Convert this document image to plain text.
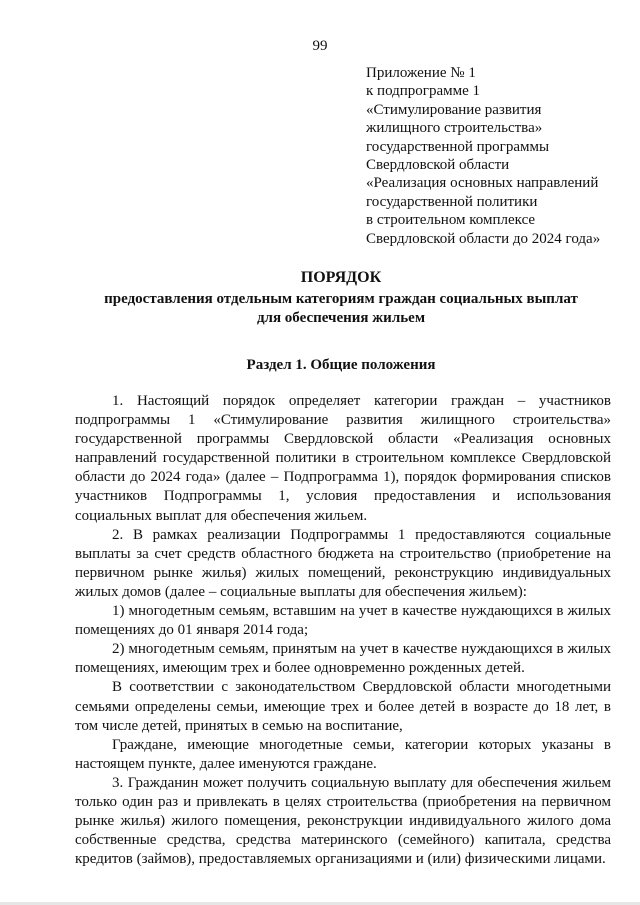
99
Приложение № 1
к подпрограмме 1
«Стимулирование развития
жилищного строительства»
государственной программы
Свердловской области
«Реализация основных направлений
государственной политики
в строительном комплексе
Свердловской области до 2024 года»
ПОРЯДОК
предоставления отдельным категориям граждан социальных выплат
для обеспечения жильем
Раздел 1. Общие положения

1. Настоящий порядок определяет категории граждан – участников подпрограммы 1 «Стимулирование развития жилищного строительства» государственной программы Свердловской области «Реализация основных направлений государственной политики в строительном комплексе Свердловской области до 2024 года» (далее – Подпрограмма 1), порядок формирования списков участников Подпрограммы 1, условия предоставления и использования социальных выплат для обеспечения жильем.

2. В рамках реализации Подпрограммы 1 предоставляются социальные выплаты за счет средств областного бюджета на строительство (приобретение на первичном рынке жилья) жилых помещений, реконструкцию индивидуальных жилых домов (далее – социальные выплаты для обеспечения жильем):

1) многодетным семьям, вставшим на учет в качестве нуждающихся в жилых помещениях до 01 января 2014 года;

2) многодетным семьям, принятым на учет в качестве нуждающихся в жилых помещениях, имеющим трех и более одновременно рожденных детей.

В соответствии с законодательством Свердловской области многодетными семьями определены семьи, имеющие трех и более детей в возрасте до 18 лет, в том числе детей, принятых в семью на воспитание,

Граждане, имеющие многодетные семьи, категории которых указаны в настоящем пункте, далее именуются граждане.

3. Гражданин может получить социальную выплату для обеспечения жильем только один раз и привлекать в целях строительства (приобретения на первичном рынке жилья) жилого помещения, реконструкции индивидуального жилого дома собственные средства, средства материнского (семейного) капитала, средства кредитов (займов), предоставляемых организациями и (или) физическими лицами.
